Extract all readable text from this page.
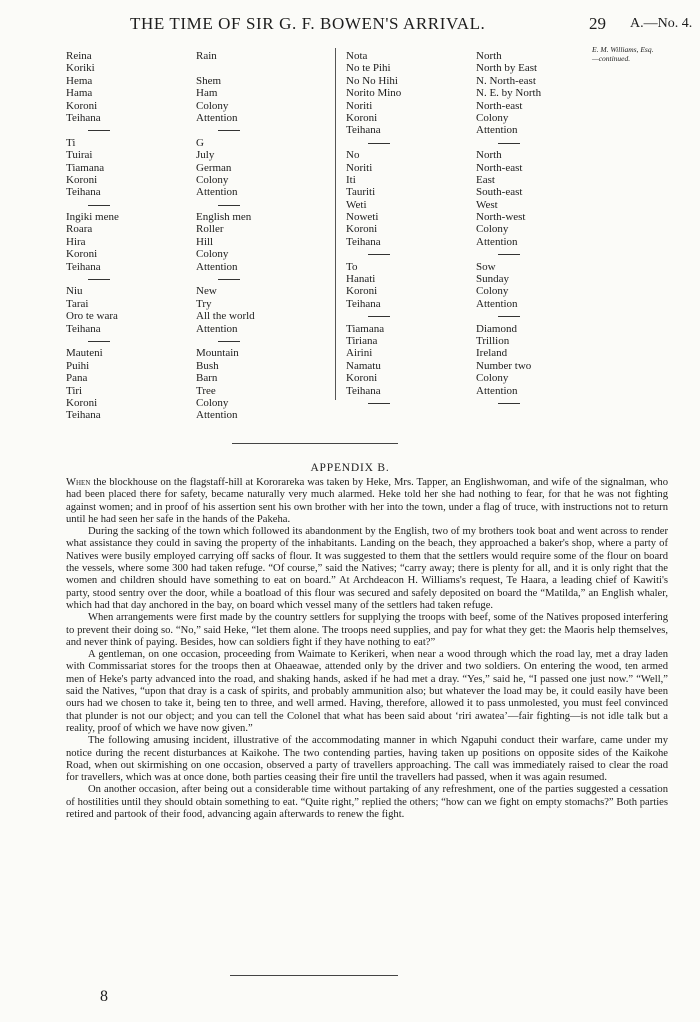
THE TIME OF SIR G. F. BOWEN'S ARRIVAL.	29 A.—No. 4.
E. M. Williams, Esq.
—continued.
Reina
Koriki
Hema
Hama
Koroni
Teihana
Ti
Tuirai
Tiamana
Koroni
Teihana
Ingiki mene
Roara
Hira
Koroni
Teihana
Niu
Tarai
Oro te wara
Teihana
Mauteni
Puihi
Pana
Tiri
Koroni
Teihana
Rain
Shem
Ham
Colony
Attention
G
July
German
Colony
Attention
English men
Roller
Hill
Colony
Attention
New
Try
All the world
Attention
Mountain
Bush
Barn
Tree
Colony
Attention
Nota
No te Pihi
No No Hihi
Norito Mino
Noriti
Koroni
Teihana
No
Noriti
Iti
Tauriti
Weti
Noweti
Koroni
Teihana
To
Hanati
Koroni
Teihana
Tiamana
Tiriana
Airini
Namatu
Koroni
Teihana
North
North by East
N. North-east
N. E. by North
North-east
Colony
Attention
North
North-east
East
South-east
West
North-west
Colony
Attention
Sow
Sunday
Colony
Attention
Diamond
Trillion
Ireland
Number two
Colony
Attention
APPENDIX B.

When the blockhouse on the flagstaff-hill at Kororareka was taken by Heke, Mrs. Tapper, an Englishwoman, and wife of the signalman, who had been placed there for safety, became naturally very much alarmed. Heke told her she had nothing to fear, for that he was not fighting against women; and in proof of his assertion sent his own brother with her into the town, under a flag of truce, with instructions not to return until he had seen her safe in the hands of the Pakeha.

During the sacking of the town which followed its abandonment by the English, two of my brothers took boat and went across to render what assistance they could in saving the property of the inhabitants. Landing on the beach, they approached a baker's shop, where a party of Natives were busily employed carrying off sacks of flour. It was suggested to them that the settlers would require some of the flour on board the vessels, where some 300 had taken refuge. “Of course,” said the Natives; “carry away; there is plenty for all, and it is only right that the women and children should have something to eat on board.” At Archdeacon H. Williams's request, Te Haara, a leading chief of Kawiti's party, stood sentry over the door, while a boatload of this flour was secured and safely deposited on board the “Matilda,” an English whaler, which had that day anchored in the bay, on board which vessel many of the settlers had taken refuge.

When arrangements were first made by the country settlers for supplying the troops with beef, some of the Natives proposed interfering to prevent their doing so. “No,” said Heke, “let them alone. The troops need supplies, and pay for what they get: the Maoris help themselves, and never think of paying. Besides, how can soldiers fight if they have nothing to eat?”

A gentleman, on one occasion, proceeding from Waimate to Kerikeri, when near a wood through which the road lay, met a dray laden with Commissariat stores for the troops then at Ohaeawae, attended only by the driver and two soldiers. On entering the wood, ten armed men of Heke's party advanced into the road, and shaking hands, asked if he had met a dray. “Yes,” said he, “I passed one just now.” “Well,” said the Natives, “upon that dray is a cask of spirits, and probably ammunition also; but whatever the load may be, it could easily have been ours had we chosen to take it, being ten to three, and well armed. Having, therefore, allowed it to pass unmolested, you must feel convinced that plunder is not our object; and you can tell the Colonel that what has been said about ‘riri awatea’—fair fighting—is not idle talk but a reality, proof of which we have now given.”

The following amusing incident, illustrative of the accommodating manner in which Ngapuhi conduct their warfare, came under my notice during the recent disturbances at Kaikohe. The two contending parties, having taken up positions on opposite sides of the Kaikohe Road, when out skirmishing on one occasion, observed a party of travellers approaching. The call was immediately raised to clear the road for travellers, which was at once done, both parties ceasing their fire until the travellers had passed, when it was again resumed.

On another occasion, after being out a considerable time without partaking of any refreshment, one of the parties suggested a cessation of hostilities until they should obtain something to eat. “Quite right,” replied the others; “how can we fight on empty stomachs?” Both parties retired and partook of their food, advancing again afterwards to renew the fight.

8
